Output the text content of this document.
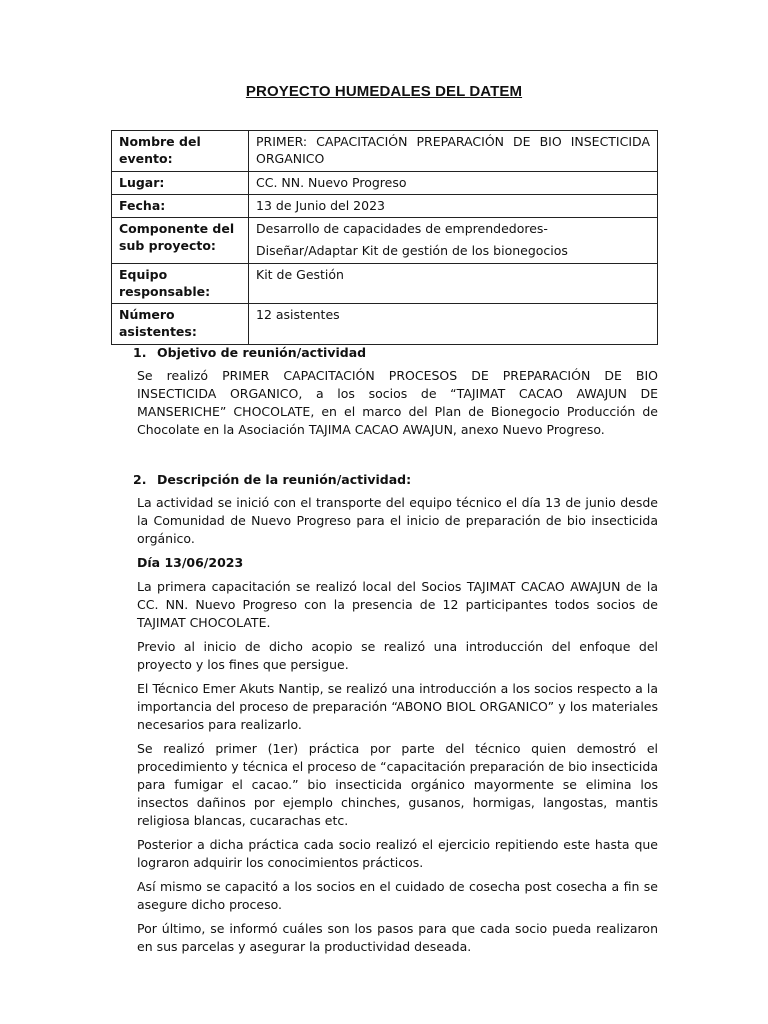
PROYECTO HUMEDALES DEL DATEM
Nombre del evento:	PRIMER: CAPACITACIÓN PREPARACIÓN DE BIO INSECTICIDA ORGANICO
Lugar:	CC. NN. Nuevo Progreso
Fecha:	13 de Junio del 2023
Componente del sub proyecto:	Desarrollo de capacidades de emprendedores-
Diseñar/Adaptar Kit de gestión de los bionegocios

Equipo responsable:	Kit de Gestión
Número asistentes:	12 asistentes
1. Objetivo de reunión/actividad

Se realizó PRIMER CAPACITACIÓN PROCESOS DE PREPARACIÓN DE BIO INSECTICIDA ORGANICO, a los socios de “TAJIMAT CACAO AWAJUN DE MANSERICHE” CHOCOLATE, en el marco del Plan de Bionegocio Producción de Chocolate en la Asociación TAJIMA CACAO AWAJUN, anexo Nuevo Progreso.

2. Descripción de la reunión/actividad:

La actividad se inició con el transporte del equipo técnico el día 13 de junio desde la Comunidad de Nuevo Progreso para el inicio de preparación de bio insecticida orgánico.

Día 13/06/2023

La primera capacitación se realizó local del Socios TAJIMAT CACAO AWAJUN de la CC. NN. Nuevo Progreso con la presencia de 12 participantes todos socios de TAJIMAT CHOCOLATE.

Previo al inicio de dicho acopio se realizó una introducción del enfoque del proyecto y los fines que persigue.

El Técnico Emer Akuts Nantip, se realizó una introducción a los socios respecto a la importancia del proceso de preparación “ABONO BIOL ORGANICO” y los materiales necesarios para realizarlo.

Se realizó primer (1er) práctica por parte del técnico quien demostró el procedimiento y técnica el proceso de “capacitación preparación de bio insecticida para fumigar el cacao.” bio insecticida orgánico mayormente se elimina los insectos dañinos por ejemplo chinches, gusanos, hormigas, langostas, mantis religiosa blancas, cucarachas etc.

Posterior a dicha práctica cada socio realizó el ejercicio repitiendo este hasta que lograron adquirir los conocimientos prácticos.

Así mismo se capacitó a los socios en el cuidado de cosecha post cosecha a fin se asegure dicho proceso.

Por último, se informó cuáles son los pasos para que cada socio pueda realizaron en sus parcelas y asegurar la productividad deseada.
